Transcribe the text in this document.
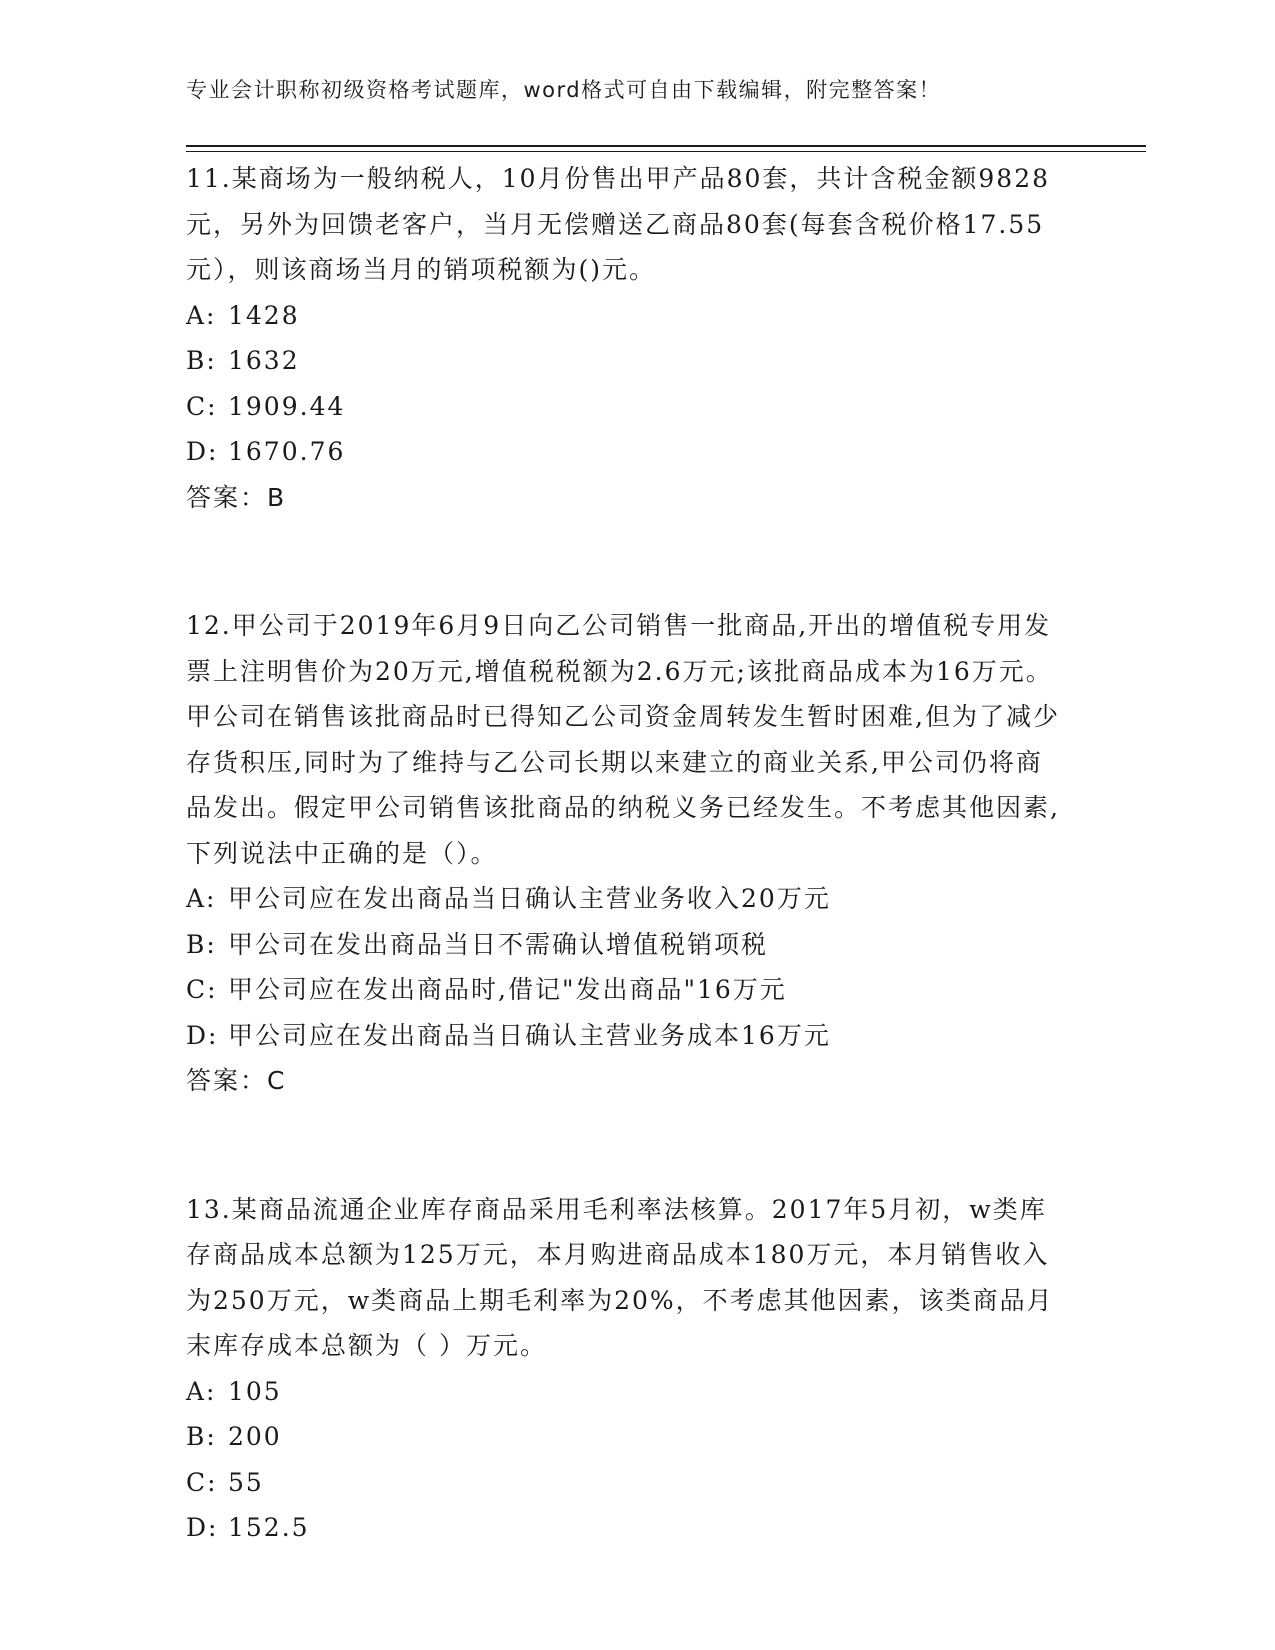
专业会计职称初级资格考试题库，word格式可自由下载编辑，附完整答案！

11.某商场为一般纳税人，10月份售出甲产品80套，共计含税金额9828元，另外为回馈老客户，当月无偿赠送乙商品80套(每套含税价格17.55元），则该商场当月的销项税额为()元。

A: 1428

B: 1632

C: 1909.44

D: 1670.76

答案：B

12.甲公司于2019年6月9日向乙公司销售一批商品,开出的增值税专用发票上注明售价为20万元,增值税税额为2.6万元;该批商品成本为16万元。甲公司在销售该批商品时已得知乙公司资金周转发生暂时困难,但为了减少存货积压,同时为了维持与乙公司长期以来建立的商业关系,甲公司仍将商品发出。假定甲公司销售该批商品的纳税义务已经发生。不考虑其他因素,下列说法中正确的是（）。

A: 甲公司应在发出商品当日确认主营业务收入20万元

B: 甲公司在发出商品当日不需确认增值税销项税

C: 甲公司应在发出商品时,借记"发出商品"16万元

D: 甲公司应在发出商品当日确认主营业务成本16万元

答案：C

13.某商品流通企业库存商品采用毛利率法核算。2017年5月初，w类库存商品成本总额为125万元，本月购进商品成本180万元，本月销售收入为250万元，w类商品上期毛利率为20%，不考虑其他因素，该类商品月末库存成本总额为（ ）万元。

A: 105

B: 200

C: 55

D: 152.5
